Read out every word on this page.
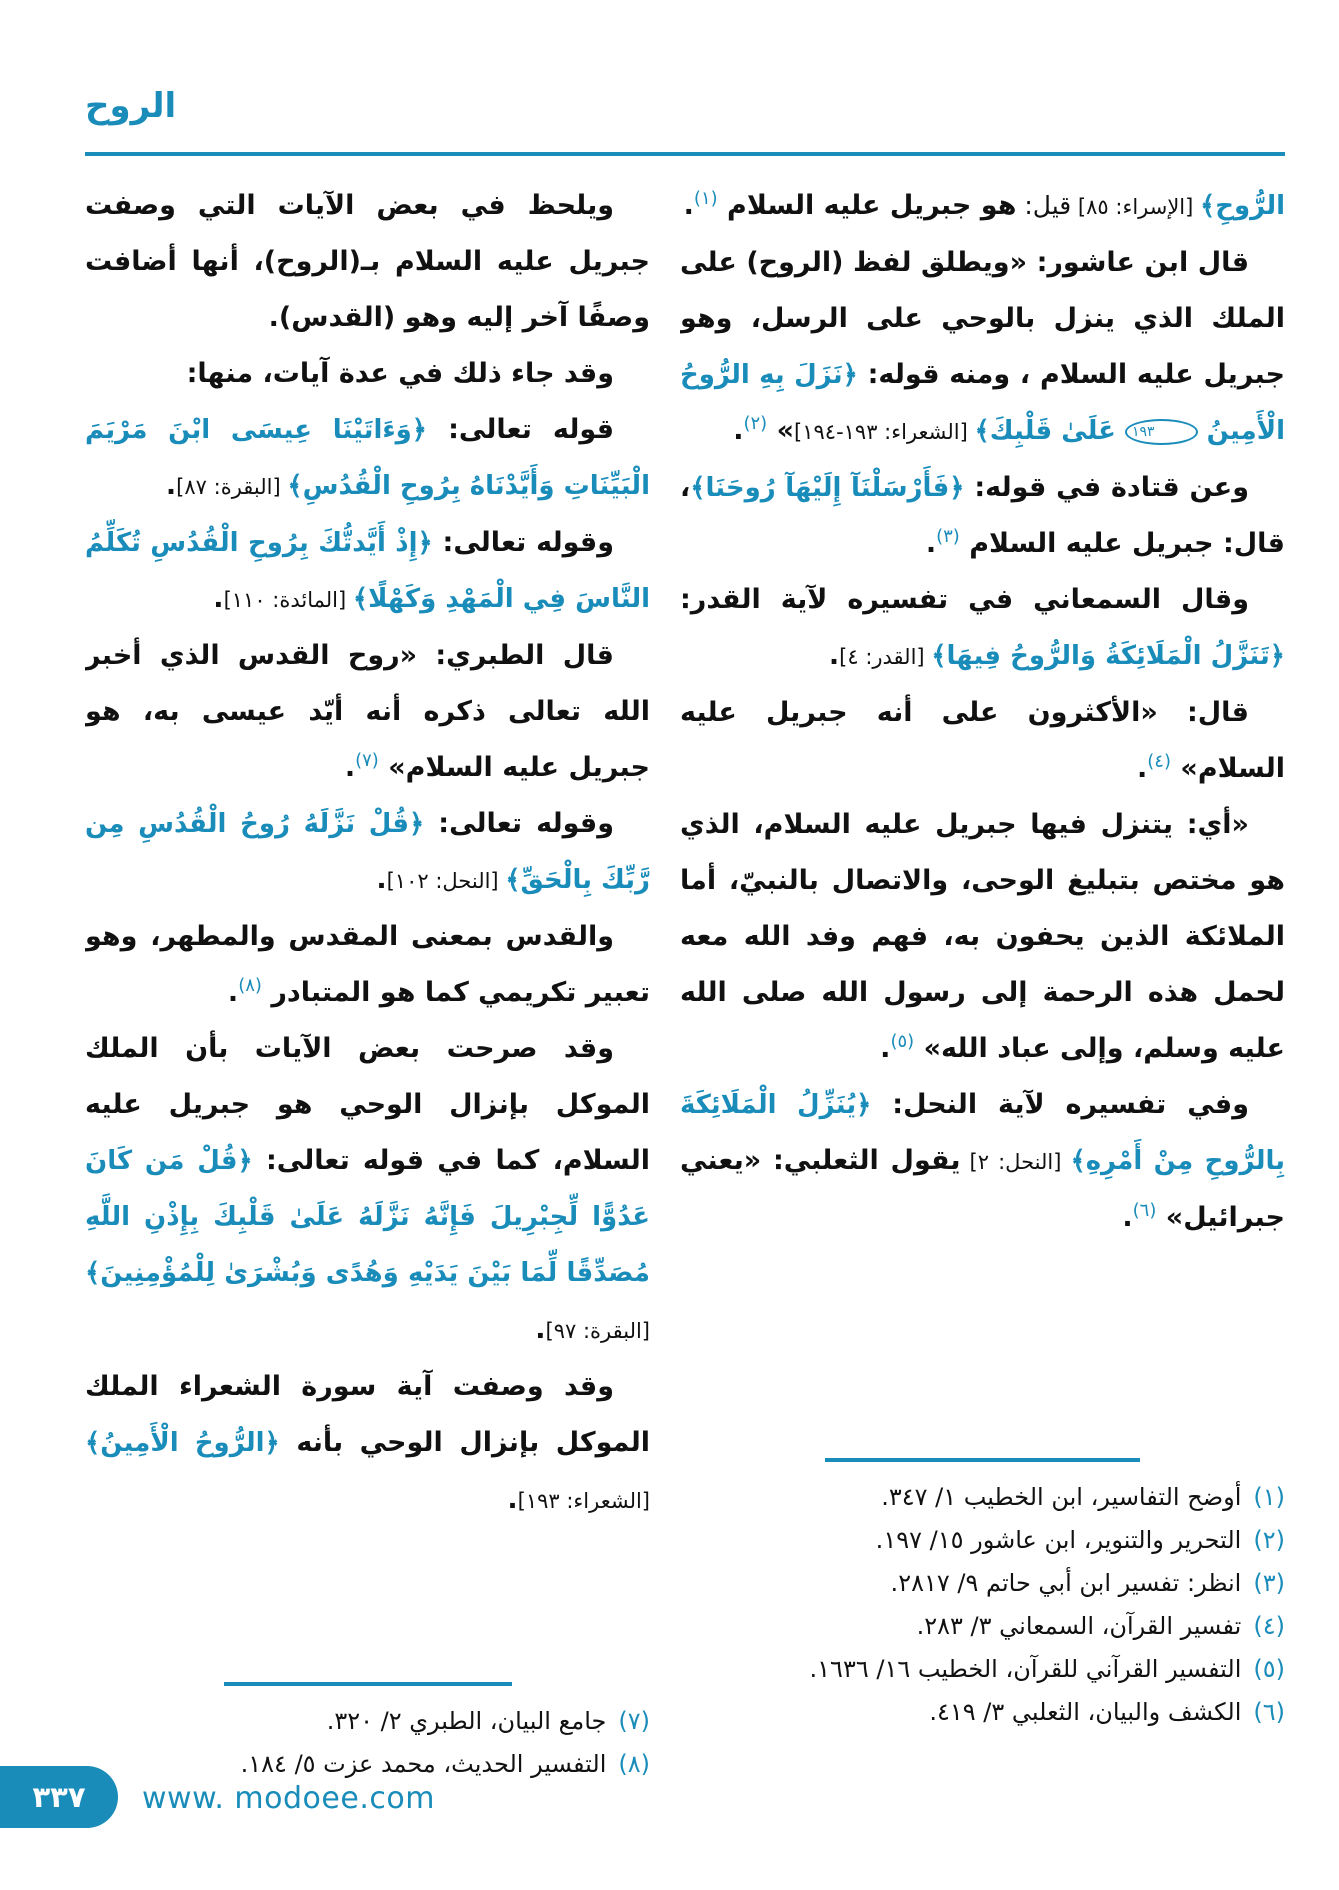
الروح

الرُّوحِ﴾ [الإسراء: ٨٥] قيل: هو جبريل عليه السلام $^{(١)}$.

قال ابن عاشور: «ويطلق لفظ (الروح) على الملك الذي ينزل بالوحي على الرسل، وهو جبريل عليه السلام ، ومنه قوله: ﴿نَزَلَ بِهِ الرُّوحُ الْأَمِينُ ١٩٣ عَلَىٰ قَلْبِكَ﴾ [الشعراء: ١٩٣-١٩٤]» $^{(٢)}$.

وعن قتادة في قوله: ﴿فَأَرْسَلْنَآ إِلَيْهَآ رُوحَنَا﴾، قال: جبريل عليه السلام $^{(٣)}$.

وقال السمعاني في تفسيره لآية القدر: ﴿تَنَزَّلُ الْمَلَائِكَةُ وَالرُّوحُ فِيهَا﴾ [القدر: ٤].

قال: «الأكثرون على أنه جبريل عليه السلام» $^{(٤)}$.

«أي: يتنزل فيها جبريل عليه السلام، الذي هو مختص بتبليغ الوحى، والاتصال بالنبيّ، أما الملائكة الذين يحفون به، فهم وفد الله معه لحمل هذه الرحمة إلى رسول الله صلى الله عليه وسلم، وإلى عباد الله» $^{(٥)}$.

وفي تفسيره لآية النحل: ﴿يُنَزِّلُ الْمَلَائِكَةَ بِالرُّوحِ مِنْ أَمْرِهِ﴾ [النحل: ٢] يقول الثعلبي: «يعني جبرائيل» $^{(٦)}$.

(١)أوضح التفاسير، ابن الخطيب ١/ ٣٤٧.
(٢)التحرير والتنوير، ابن عاشور ١٥/ ١٩٧.
(٣)انظر: تفسير ابن أبي حاتم ٩/ ٢٨١٧.
(٤)تفسير القرآن، السمعاني ٣/ ٢٨٣.
(٥)التفسير القرآني للقرآن، الخطيب ١٦/ ١٦٣٦.
(٦)الكشف والبيان، الثعلبي ٣/ ٤١٩.

ويلحظ في بعض الآيات التي وصفت جبريل عليه السلام بـ(الروح)، أنها أضافت وصفًا آخر إليه وهو (القدس).

وقد جاء ذلك في عدة آيات، منها:

قوله تعالى: ﴿وَءَاتَيْنَا عِيسَى ابْنَ مَرْيَمَ الْبَيِّنَاتِ وَأَيَّدْنَاهُ بِرُوحِ الْقُدُسِ﴾ [البقرة: ٨٧].

وقوله تعالى: ﴿إِذْ أَيَّدتُّكَ بِرُوحِ الْقُدُسِ تُكَلِّمُ النَّاسَ فِي الْمَهْدِ وَكَهْلًا﴾ [المائدة: ١١٠].

قال الطبري: «روح القدس الذي أخبر الله تعالى ذكره أنه أيّد عيسى به، هو جبريل عليه السلام» $^{(٧)}$.

وقوله تعالى: ﴿قُلْ نَزَّلَهُ رُوحُ الْقُدُسِ مِن رَّبِّكَ بِالْحَقِّ﴾ [النحل: ١٠٢].

والقدس بمعنى المقدس والمطهر، وهو تعبير تكريمي كما هو المتبادر $^{(٨)}$.

وقد صرحت بعض الآيات بأن الملك الموكل بإنزال الوحي هو جبريل عليه السلام، كما في قوله تعالى: ﴿قُلْ مَن كَانَ عَدُوًّا لِّجِبْرِيلَ فَإِنَّهُ نَزَّلَهُ عَلَىٰ قَلْبِكَ بِإِذْنِ اللَّهِ مُصَدِّقًا لِّمَا بَيْنَ يَدَيْهِ وَهُدًى وَبُشْرَىٰ لِلْمُؤْمِنِينَ﴾ [البقرة: ٩٧].

وقد وصفت آية سورة الشعراء الملك الموكل بإنزال الوحي بأنه ﴿الرُّوحُ الْأَمِينُ﴾ [الشعراء: ١٩٣].

(٧)جامع البيان، الطبري ٢/ ٣٢٠.
(٨)التفسير الحديث، محمد عزت ٥/ ١٨٤.
٣٣٧ www. modoee.com
